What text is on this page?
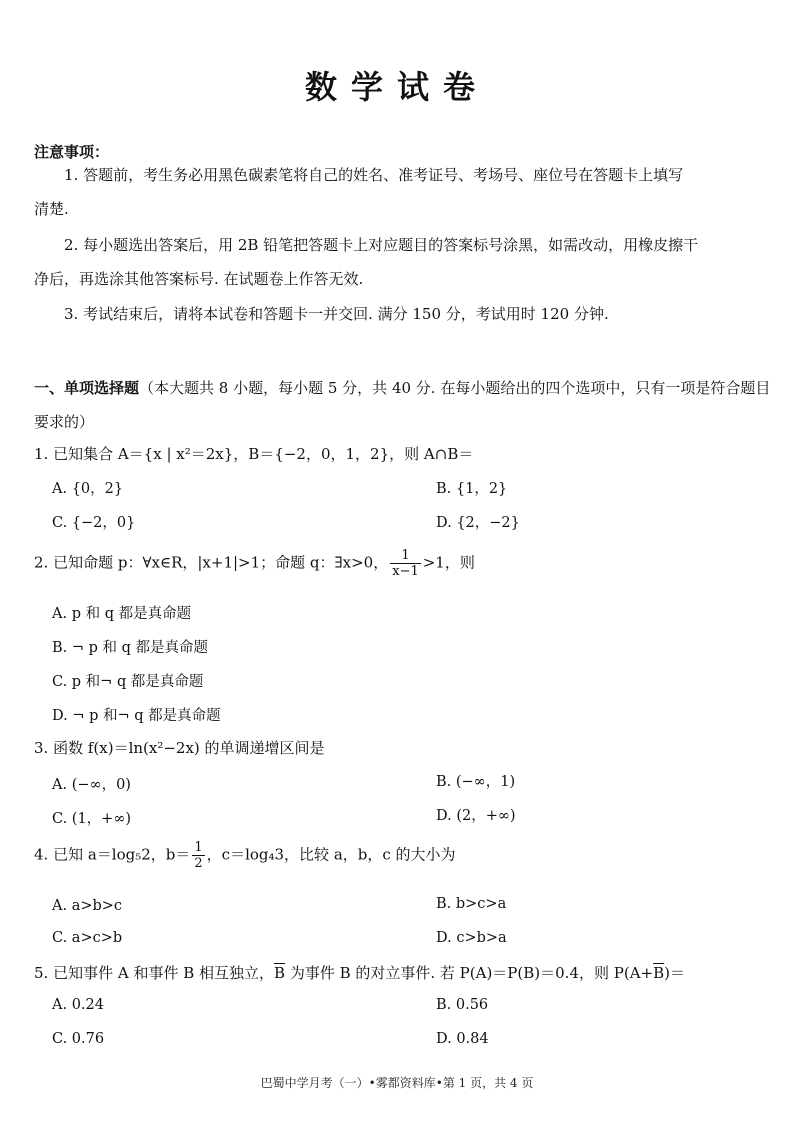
数学试卷
注意事项：
1. 答题前，考生务必用黑色碳素笔将自己的姓名、准考证号、考场号、座位号在答题卡上填写
清楚.
2. 每小题选出答案后，用 2B 铅笔把答题卡上对应题目的答案标号涂黑，如需改动，用橡皮擦干
净后，再选涂其他答案标号. 在试题卷上作答无效.
3. 考试结束后，请将本试卷和答题卡一并交回. 满分 150 分，考试用时 120 分钟.
一、单项选择题（本大题共 8 小题，每小题 5 分，共 40 分. 在每小题给出的四个选项中，只有一项是符合题目要求的）
1. 已知集合 A＝{x | x²＝2x}，B＝{−2，0，1，2}，则 A∩B＝
A. {0，2}	B. {1，2}
C. {−2，0}	D. {2，−2}
2. 已知命题 p：∀x∈R，|x+1|>1；命题 q：∃x>0， $\frac{1}{x-1} >1$，则
A. p 和 q 都是真命题
B. ¬ p 和 q 都是真命题
C. p 和¬ q 都是真命题
D. ¬ p 和¬ q 都是真命题
3. 函数 f(x)＝ln(x²−2x) 的单调递增区间是
A. (−∞，0)	B. (−∞，1)
C. (1，+∞)	D. (2，+∞)
4. 已知 a＝log₅2，$b= \frac{1}{2}$ ，c＝log₄3，比较 a，b，c 的大小为
A. a>b>c	B. b>c>a
C. a>c>b	D. c>b>a
5. 已知事件 A 和事件 B 相互独立，$\overline{B}$ 为事件 B 的对立事件. 若 P(A)＝P(B)＝0.4，则 $P(A+\overline{B})=$
A. 0.24	B. 0.56
C. 0.76	D. 0.84
巴蜀中学月考（一）•雾都资料库•第 1 页，共 4 页
